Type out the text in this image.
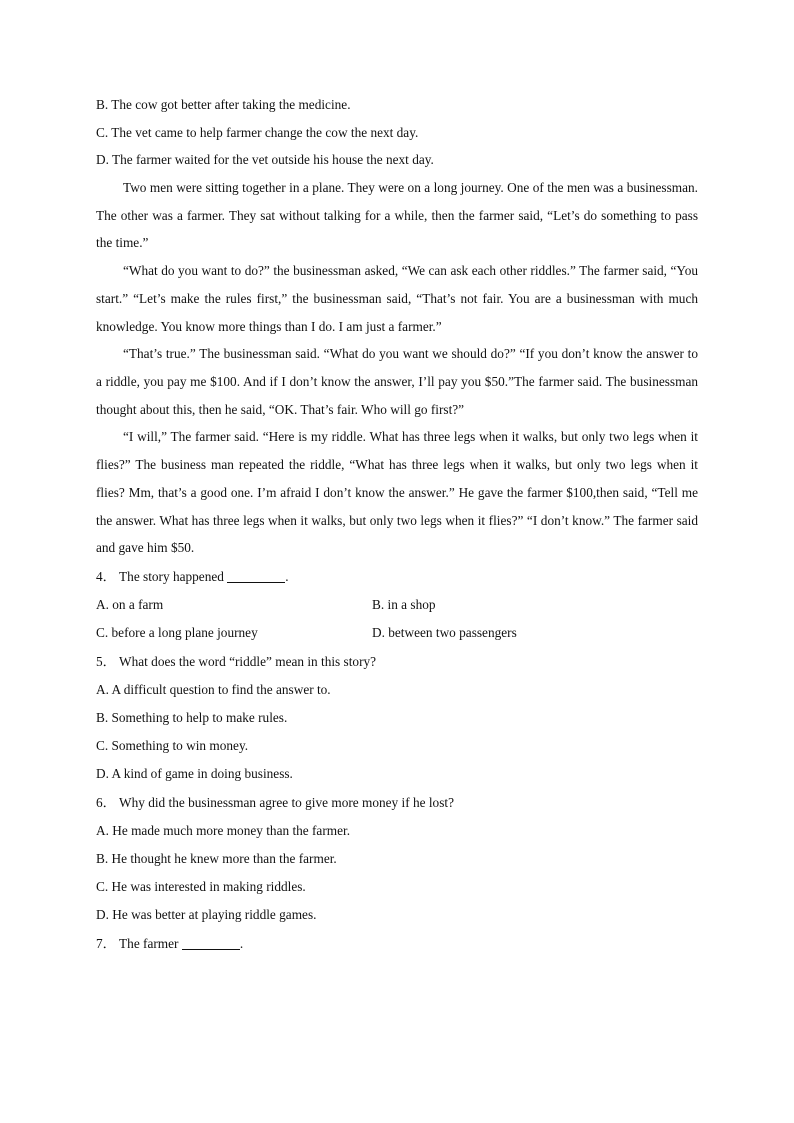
B. The cow got better after taking the medicine.
C. The vet came to help farmer change the cow the next day.
D. The farmer waited for the vet outside his house the next day.

Two men were sitting together in a plane. They were on a long journey. One of the men was a businessman. The other was a farmer. They sat without talking for a while, then the farmer said, “Let’s do something to pass the time.”

“What do you want to do?” the businessman asked, “We can ask each other riddles.” The farmer said, “You start.” “Let’s make the rules first,” the businessman said, “That’s not fair. You are a businessman with much knowledge. You know more things than I do. I am just a farmer.”

“That’s true.” The businessman said. “What do you want we should do?” “If you don’t know the answer to a riddle, you pay me $100. And if I don’t know the answer, I’ll pay you $50.”The farmer said. The businessman thought about this, then he said, “OK. That’s fair. Who will go first?”

“I will,” The farmer said. “Here is my riddle. What has three legs when it walks, but only two legs when it flies?” The business man repeated the riddle, “What has three legs when it walks, but only two legs when it flies? Mm, that’s a good one. I’m afraid I don’t know the answer.” He gave the farmer $100,then said, “Tell me the answer. What has three legs when it walks, but only two legs when it flies?” “I don’t know.” The farmer said and gave him $50.

4． The story happened	.
A. on a farm	B. in a shop
C. before a long plane journey	D. between two passengers
5． What does the word “riddle” mean in this story?
A. A difficult question to find the answer to.
B. Something to help to make rules.
C. Something to win money.
D. A kind of game in doing business.
6． Why did the businessman agree to give more money if he lost?
A. He made much more money than the farmer.
B. He thought he knew more than the farmer.
C. He was interested in making riddles.
D. He was better at playing riddle games.
7． The farmer	.
